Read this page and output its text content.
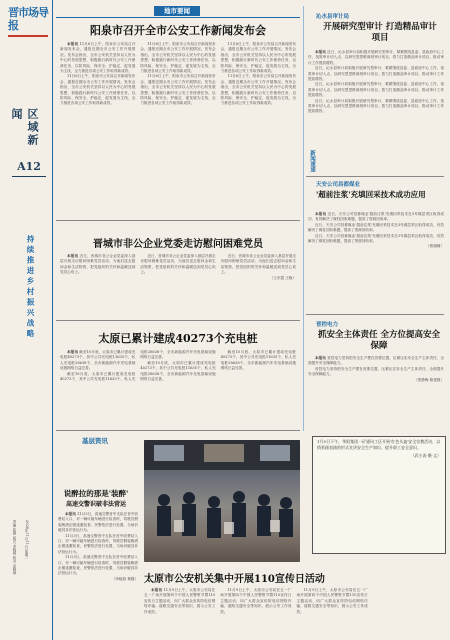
晋市场导报
区域新闻
A12
持续推进乡村振兴战略
责编 崔颖 版式 李晓明 校对 孟晓海	2024年11月11日 星期一
地市要闻
阳泉市召开全市公安工作新闻发布会

本报讯 11月6日上午，阳泉市公安局召开新闻发布会，通报近期全市公安工作开展情况。发布会指出，全市公安机关坚持以人民为中心的发展思想，积极践行新时代公安工作使命任务，以防风险、保安全、护稳定、促发展为主线，全力推进各项公安工作取得新成效。

11月6日上午，阳泉市公安局召开新闻发布会，通报近期全市公安工作开展情况。发布会指出，全市公安机关坚持以人民为中心的发展思想，积极践行新时代公安工作使命任务，以防风险、保安全、护稳定、促发展为主线，全力推进各项公安工作取得新成效。

11月6日上午，阳泉市公安局召开新闻发布会，通报近期全市公安工作开展情况。发布会指出，全市公安机关坚持以人民为中心的发展思想，积极践行新时代公安工作使命任务，以防风险、保安全、护稳定、促发展为主线，全力推进各项公安工作取得新成效。

11月6日上午，阳泉市公安局召开新闻发布会，通报近期全市公安工作开展情况。发布会指出，全市公安机关坚持以人民为中心的发展思想，积极践行新时代公安工作使命任务，以防风险、保安全、护稳定、促发展为主线，全力推进各项公安工作取得新成效。

11月6日上午，阳泉市公安局召开新闻发布会，通报近期全市公安工作开展情况。发布会指出，全市公安机关坚持以人民为中心的发展思想，积极践行新时代公安工作使命任务，以防风险、保安全、护稳定、促发展为主线，全力推进各项公安工作取得新成效。

11月6日上午，阳泉市公安局召开新闻发布会，通报近期全市公安工作开展情况。发布会指出，全市公安机关坚持以人民为中心的发展思想，积极践行新时代公安工作使命任务，以防风险、保安全、护稳定、促发展为主线，全力推进各项公安工作取得新成效。

晋城市非公企业党委走访慰问困难党员

本报讯 近日，晋城市非公企业党委深入基层开展走访慰问困难党员活动，为他们送去慰问金和生活物资，把党组织的关怀和温暖送到党员心坎上。

近日，晋城市非公企业党委深入基层开展走访慰问困难党员活动，为他们送去慰问金和生活物资，把党组织的关怀和温暖送到党员心坎上。

近日，晋城市非公企业党委深入基层开展走访慰问困难党员活动，为他们送去慰问金和生活物资，把党组织的关怀和温暖送到党员心坎上。

（王东霞 王晓）

太原已累计建成40273个充电桩

本报讯 截至10月底，太原市已累计建成充电桩40273个，其中公共充电桩11635个，私人充电桩28638个，全市新能源汽车充电基础设施网络日益完善。

截至10月底，太原市已累计建成充电桩40273个，其中公共充电桩11635个，私人充电桩28638个，全市新能源汽车充电基础设施网络日益完善。

截至10月底，太原市已累计建成充电桩40273个，其中公共充电桩11635个，私人充电桩28638个，全市新能源汽车充电基础设施网络日益完善。

截至10月底，太原市已累计建成充电桩40273个，其中公共充电桩11635个，私人充电桩28638个，全市新能源汽车充电基础设施网络日益完善。

基层资讯
说醉拉的那是'装醉'
高速交警识破非法营运

本报讯 11月3日，高速交警晋中支队在晋中收费站入口，对一辆可疑车辆进行检查时，驾驶员假装醉酒企图逃避检查，民警依法进行处置，当场识破其非法营运行为。

11月3日，高速交警晋中支队在晋中收费站入口，对一辆可疑车辆进行检查时，驾驶员假装醉酒企图逃避检查，民警依法进行处置，当场识破其非法营运行为。

11月3日，高速交警晋中支队在晋中收费站入口，对一辆可疑车辆进行检查时，驾驶员假装醉酒企图逃避检查，民警依法进行处置，当场识破其非法营运行为。

（李晓燕 秦健） 太原市公安机关集中开展110宣传日活动

本报讯 11月9日上午，太原市公安局在五一广场开展第四个中国人民警察节暨110宣传日主题活动，向广大群众宣传防电信网络诈骗、道路交通安全等知识，展示公安工作成效。

11月9日上午，太原市公安局在五一广场开展第四个中国人民警察节暨110宣传日主题活动，向广大群众宣传防电信网络诈骗、道路交通安全等知识，展示公安工作成效。

11月9日上午，太原市公安局在五一广场开展第四个中国人民警察节暨110宣传日主题活动，向广大群众宣传防电信网络诈骗、道路交通安全等知识，展示公安工作成效。

沁水县审计局
开展研究型审计 打造精品审计项目

本报讯 近日，沁水县审计局积极开展研究型审计，紧紧围绕县委、县政府中心工作，找准审计切入点，以研究型思维谋划审计项目，着力打造精品审计项目，推动审计工作提质增效。

近日，沁水县审计局积极开展研究型审计，紧紧围绕县委、县政府中心工作，找准审计切入点，以研究型思维谋划审计项目，着力打造精品审计项目，推动审计工作提质增效。

近日，沁水县审计局积极开展研究型审计，紧紧围绕县委、县政府中心工作，找准审计切入点，以研究型思维谋划审计项目，着力打造精品审计项目，推动审计工作提质增效。

近日，沁水县审计局积极开展研究型审计，紧紧围绕县委、县政府中心工作，找准审计切入点，以研究型思维谋划审计项目，着力打造精品审计项目，推动审计工作提质增效。

新闻速递
天安公司昌都煤业
'超前注浆'充填回采技术成功应用

本报讯 近日，天安公司昌都煤业'超前注浆'充填回采技术在3号煤层采区取得成功，有效解决了煤柱回收难题，提高了资源回收率。

近日，天安公司昌都煤业'超前注浆'充填回采技术在3号煤层采区取得成功，有效解决了煤柱回收难题，提高了资源回收率。

近日，天安公司昌都煤业'超前注浆'充填回采技术在3号煤层采区取得成功，有效解决了煤柱回收难题，提高了资源回收率。

（郭晓楠）

晋控电力
抓安全主体责任 全方位提高安全保障

本报讯 晋控电力坚持把安全生产摆在首要位置，压紧压实安全生产主体责任，全面提升安全保障能力。

晋控电力坚持把安全生产摆在首要位置，压紧压实安全生产主体责任，全面提升安全保障能力。

（贾静梅 陈建强）

1月5日下午，华阳集团一矿通风工区开展'红色头盔'安全宣教活动，以情景剧表演的形式宣讲安全生产知识，提升职工安全意识。
（武小涛 摄·文）
